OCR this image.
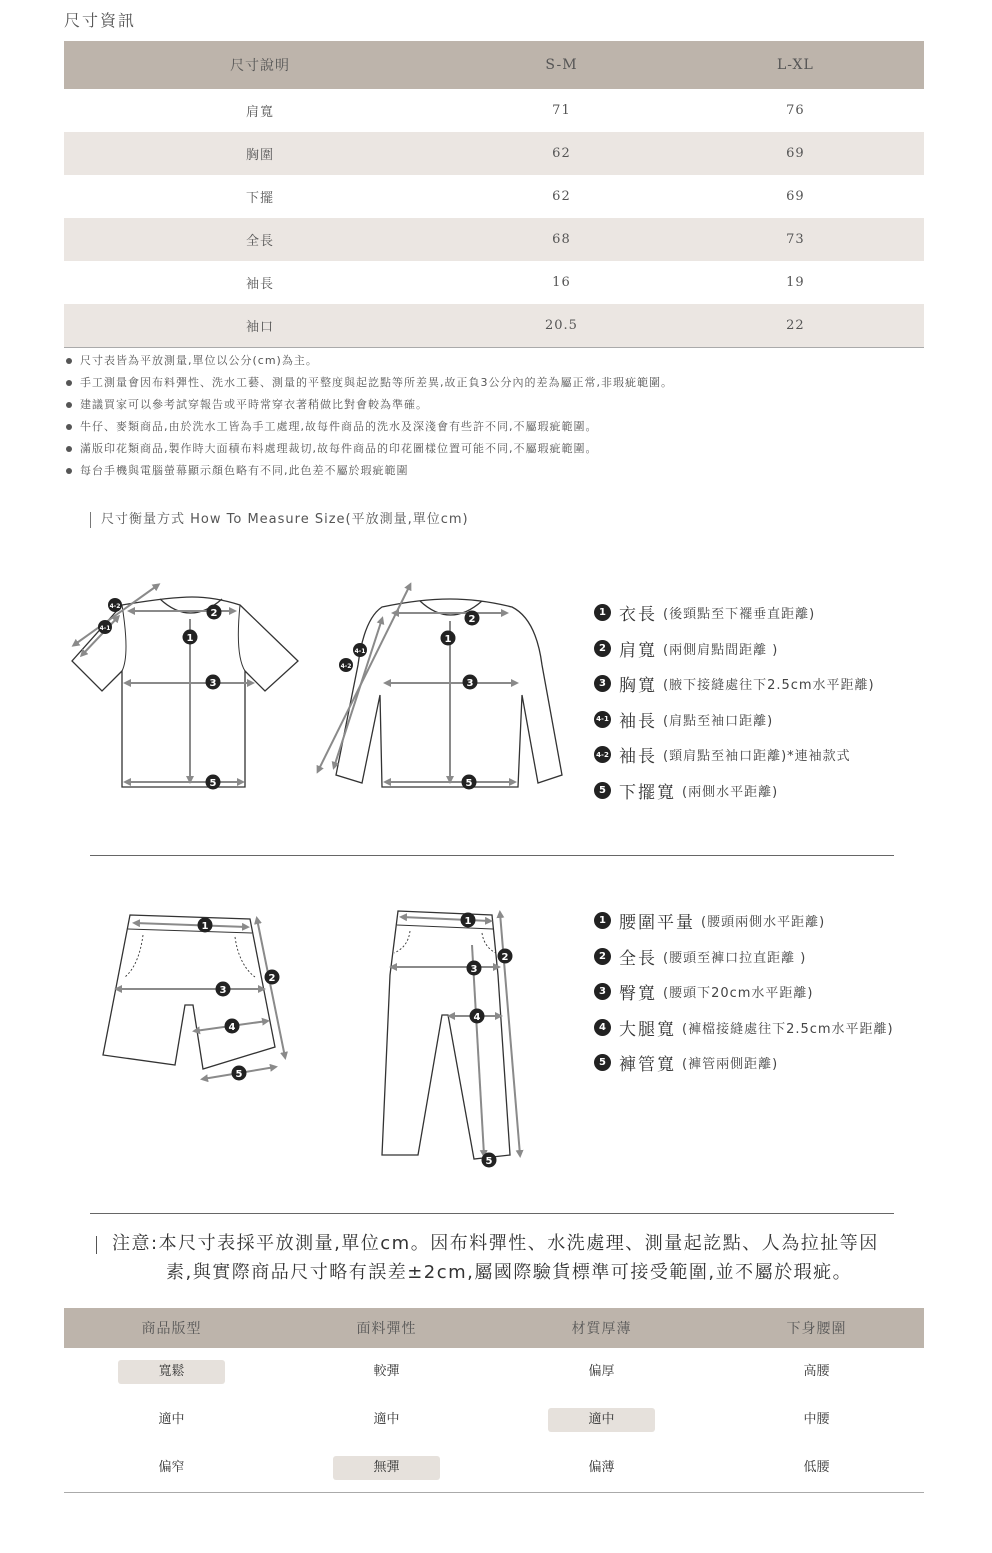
尺寸資訊
尺寸說明	S-M	L-XL
肩寬	71	76
胸圍	62	69
下擺	62	69
全長	68	73
袖長	16	19
袖口	20.5	22
尺寸表皆為平放測量,單位以公分(cm)為主。
手工測量會因布料彈性、洗水工藝、測量的平整度與起訖點等所差異,故正負3公分內的差為屬正常,非瑕疵範圍。
建議買家可以參考試穿報告或平時常穿衣著稍做比對會較為準確。
牛仔、麥類商品,由於洗水工皆為手工處理,故每件商品的洗水及深淺會有些許不同,不屬瑕疵範圍。
滿版印花類商品,製作時大面積布料處理裁切,故每件商品的印花圖樣位置可能不同,不屬瑕疵範圍。
每台手機與電腦螢幕顯示顏色略有不同,此色差不屬於瑕疵範圍
尺寸衡量方式 How To Measure Size(平放測量,單位cm)
2
1
3
5
4-2
4-1
2
1
3
5
4-1
4-2
1 衣長 (後頸點至下襬垂直距離)
2 肩寬 (兩側肩點間距離 )
3 胸寬 (腋下接縫處往下2.5cm水平距離)
4-1 袖長 (肩點至袖口距離)
4-2 袖長 (頸肩點至袖口距離)*連袖款式
5 下擺寬 (兩側水平距離)
1
2
3
4
5
1
2
3
4
5
1 腰圍平量 (腰頭兩側水平距離)
2 全長 (腰頭至褲口拉直距離 )
3 臀寬 (腰頭下20cm水平距離)
4 大腿寬 (褲檔接縫處往下2.5cm水平距離)
5 褲管寬 (褲管兩側距離)
注意:本尺寸表採平放測量,單位cm。因布料彈性、水洗處理、測量起訖點、人為拉扯等因
素,與實際商品尺寸略有誤差±2cm,屬國際驗貨標準可接受範圍,並不屬於瑕疵。
商品版型	面料彈性	材質厚薄	下身腰圍
寬鬆	較彈	偏厚	高腰
適中	適中	適中	中腰
偏窄	無彈	偏薄	低腰
